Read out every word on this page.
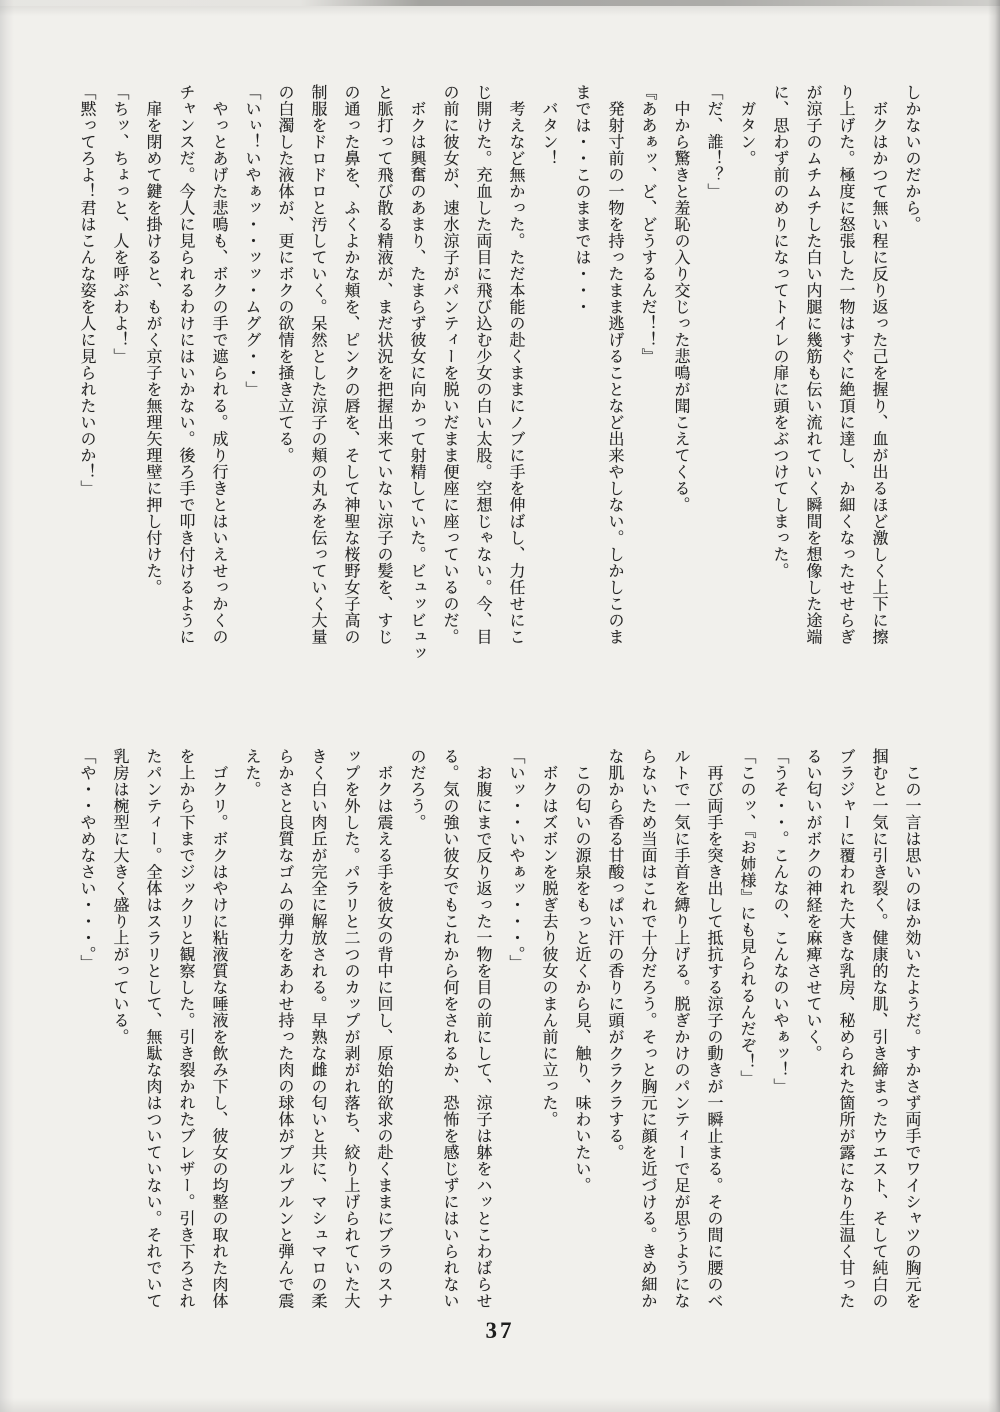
しかないのだから。

　ボクはかつて無い程に反り返った己を握り、血が出るほど激しく上下に擦

り上げた。極度に怒張した一物はすぐに絶頂に達し、か細くなったせせらぎ

が涼子のムチムチした白い内腿に幾筋も伝い流れていく瞬間を想像した途端

に、思わず前のめりになってトイレの扉に頭をぶつけてしまった。

　ガタン。

「だ、誰！？」

　中から驚きと羞恥の入り交じった悲鳴が聞こえてくる。

『ああぁッ、ど、どうするんだ！！』

　発射寸前の一物を持ったまま逃げることなど出来やしない。しかしこのま

までは・・このままでは・・・

　バタン！

　考えなど無かった。ただ本能の赴くままにノブに手を伸ばし、力任せにこ

じ開けた。充血した両目に飛び込む少女の白い太股。空想じゃない。今、目

の前に彼女が、速水涼子がパンティーを脱いだまま便座に座っているのだ。

　ボクは興奮のあまり、たまらず彼女に向かって射精していた。ビュッビュッ

と脈打って飛び散る精液が、まだ状況を把握出来ていない涼子の髪を、すじ

の通った鼻を、ふくよかな頬を、ピンクの唇を、そして神聖な桜野女子高の

制服をドロドロと汚していく。呆然とした涼子の頬の丸みを伝っていく大量

の白濁した液体が、更にボクの欲情を掻き立てる。

「いぃ！いやぁッ・・ッッ・ムググ・・」

　やっとあげた悲鳴も、ボクの手で遮られる。成り行きとはいえせっかくの

チャンスだ。今人に見られるわけにはいかない。後ろ手で叩き付けるように

　扉を閉めて鍵を掛けると、もがく京子を無理矢理壁に押し付けた。

「ちッ、ちょっと、人を呼ぶわよ！」

「黙ってろよ！君はこんな姿を人に見られたいのか！」

　この一言は思いのほか効いたようだ。すかさず両手でワイシャツの胸元を

掴むと一気に引き裂く。健康的な肌、引き締まったウエスト、そして純白の

ブラジャーに覆われた大きな乳房、秘められた箇所が露になり生温く甘った

るい匂いがボクの神経を麻痺させていく。

「うそ・・。こんなの、こんなのいやぁッ！」

「このッ、『お姉様』にも見られるんだぞ！」

　再び両手を突き出して抵抗する涼子の動きが一瞬止まる。その間に腰のベ

ルトで一気に手首を縛り上げる。脱ぎかけのパンティーで足が思うようにな

らないため当面はこれで十分だろう。そっと胸元に顔を近づける。きめ細か

な肌から香る甘酸っぱい汗の香りに頭がクラクラする。

　この匂いの源泉をもっと近くから見、触り、味わいたい。

　ボクはズボンを脱ぎ去り彼女のまん前に立った。

「いッ・・いやぁッ・・・。」

　お腹にまで反り返った一物を目の前にして、涼子は躰をハッとこわばらせ

る。気の強い彼女でもこれから何をされるか、恐怖を感じずにはいられない

のだろう。

　ボクは震える手を彼女の背中に回し、原始的欲求の赴くままにブラのスナ

ップを外した。パラリと二つのカップが剥がれ落ち、絞り上げられていた大

きく白い肉丘が完全に解放される。早熟な雌の匂いと共に、マシュマロの柔

らかさと良質なゴムの弾力をあわせ持った肉の球体がプルプルンと弾んで震

えた。

　ゴクリ。ボクはやけに粘液質な唾液を飲み下し、彼女の均整の取れた肉体

を上から下までジックリと観察した。引き裂かれたブレザー。引き下ろされ

たパンティー。全体はスラリとして、無駄な肉はついていない。それでいて

乳房は椀型に大きく盛り上がっている。

「や・・やめなさい・・・。」

37
